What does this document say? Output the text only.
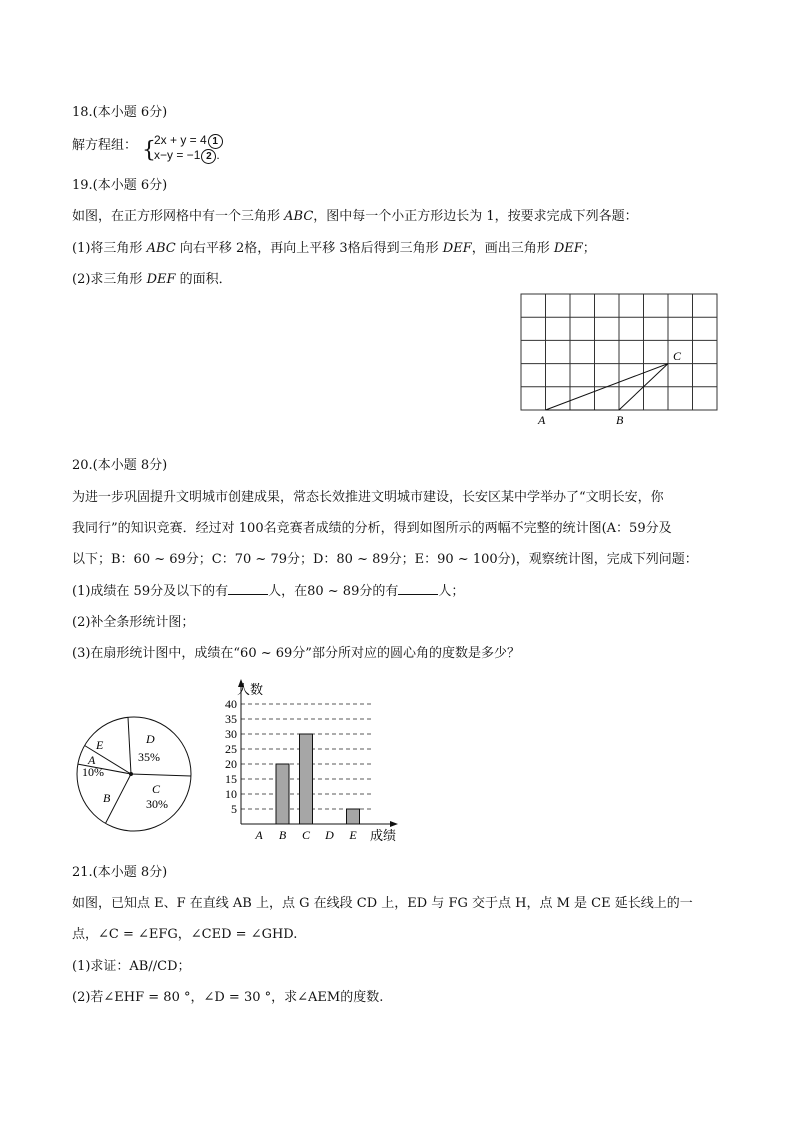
18.(本小题 6分)
解方程组： {
2x + y = 4 1
x−y = −1 2 .
19.(本小题 6分)
如图，在正方形网格中有一个三角形 ABC，图中每一个小正方形边长为 1，按要求完成下列各题：
(1)将三角形 ABC 向右平移 2格，再向上平移 3格后得到三角形 DEF，画出三角形 DEF；
(2)求三角形 DEF 的面积．
A	B
C
20.(本小题 8分)
为进一步巩固提升文明城市创建成果，常态长效推进文明城市建设，长安区某中学举办了“文明长安，你
我同行”的知识竞赛．经过对 100名竞赛者成绩的分析，得到如图所示的两幅不完整的统计图(A：59分及
以下；B：60 ~ 69分；C：70 ~ 79分；D：80 ~ 89分；E：90 ~ 100分)，观察统计图，完成下列问题：
(1)成绩在 59分及以下的有	人，在80 ~ 89分的有	人；
(2)补全条形统计图；
(3)在扇形统计图中，成绩在“60 ~ 69分”部分所对应的圆心角的度数是多少？
D
35%
E
A
10%
B
C
30%	5
10
15
20
25
30
35
40
A B C D E
人数
成绩
21.(本小题 8分)
如图，已知点 E、F 在直线 AB 上，点 G 在线段 CD 上，ED 与 FG 交于点 H，点 M 是 CE 延长线上的一
点，∠C = ∠EFG，∠CED = ∠GHD.
(1)求证：AB//CD；
(2)若∠EHF = 80 °，∠D = 30 °，求∠AEM的度数.
